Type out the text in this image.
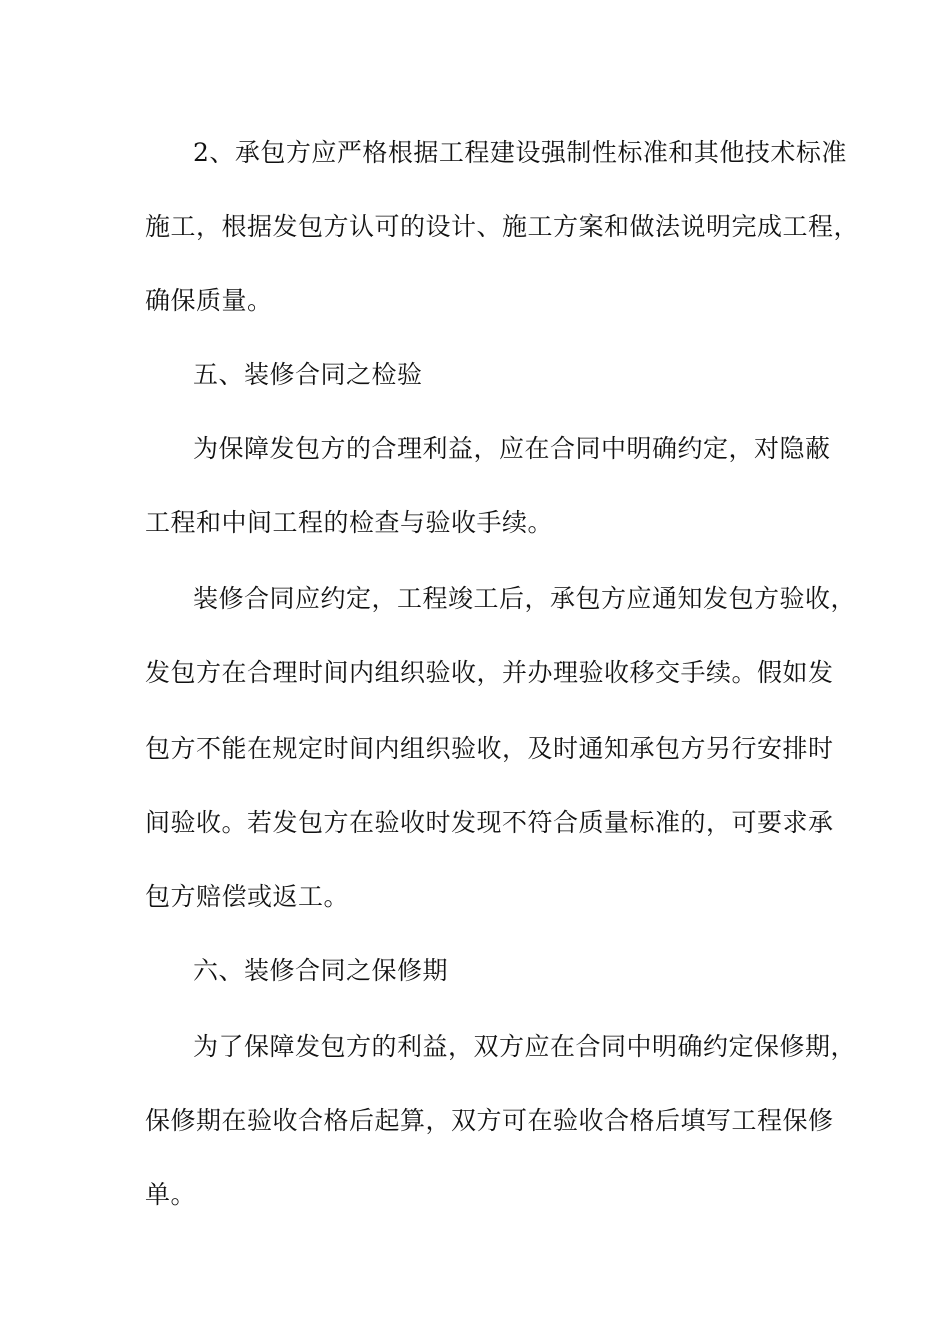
2、承包方应严格根据工程建设强制性标准和其他技术标准
施工，根据发包方认可的设计、施工方案和做法说明完成工程，
确保质量。
五、装修合同之检验
为保障发包方的合理利益，应在合同中明确约定，对隐蔽
工程和中间工程的检查与验收手续。
装修合同应约定，工程竣工后，承包方应通知发包方验收，
发包方在合理时间内组织验收，并办理验收移交手续。假如发
包方不能在规定时间内组织验收，及时通知承包方另行安排时
间验收。若发包方在验收时发现不符合质量标准的，可要求承
包方赔偿或返工。
六、装修合同之保修期
为了保障发包方的利益，双方应在合同中明确约定保修期，
保修期在验收合格后起算，双方可在验收合格后填写工程保修
单。
